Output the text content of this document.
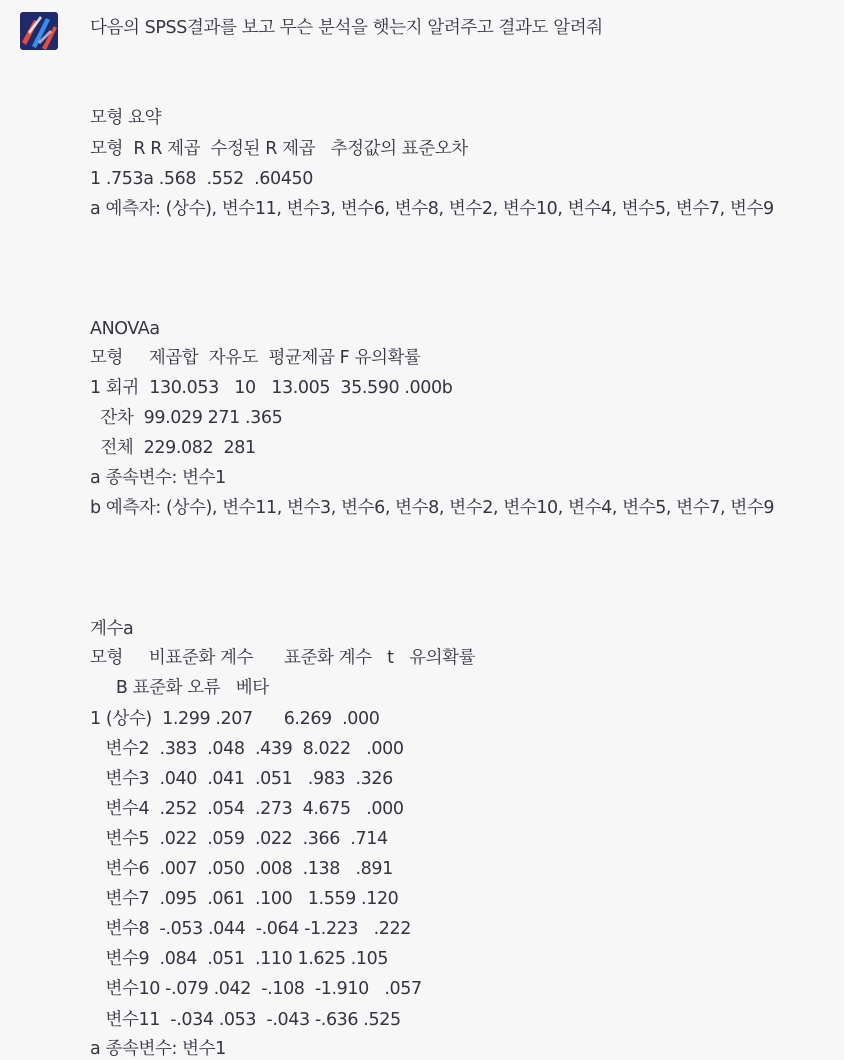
다음의 SPSS결과를 보고 무슨 분석을 햇는지 알려주고 결과도 알려줘
모형 요약
모형  R R 제곱  수정된 R 제곱   추정값의 표준오차
1 .753a .568  .552  .60450
a 예측자: (상수), 변수11, 변수3, 변수6, 변수8, 변수2, 변수10, 변수4, 변수5, 변수7, 변수9
ANOVAa
모형     제곱합  자유도  평균제곱 F 유의확률
1 회귀  130.053   10   13.005  35.590 .000b
잔차  99.029 271 .365
전체  229.082  281
a 종속변수: 변수1
b 예측자: (상수), 변수11, 변수3, 변수6, 변수8, 변수2, 변수10, 변수4, 변수5, 변수7, 변수9
계수a
모형     비표준화 계수      표준화 계수   t   유의확률
B 표준화 오류   베타
1 (상수)  1.299 .207      6.269  .000
변수2  .383  .048  .439  8.022   .000
변수3  .040  .041  .051   .983  .326
변수4  .252  .054  .273  4.675   .000
변수5  .022  .059  .022  .366  .714
변수6  .007  .050  .008  .138   .891
변수7  .095  .061  .100   1.559 .120
변수8  -.053 .044  -.064 -1.223   .222
변수9  .084  .051  .110 1.625 .105
변수10 -.079 .042  -.108  -1.910   .057
변수11  -.034 .053  -.043 -.636 .525
a 종속변수: 변수1
